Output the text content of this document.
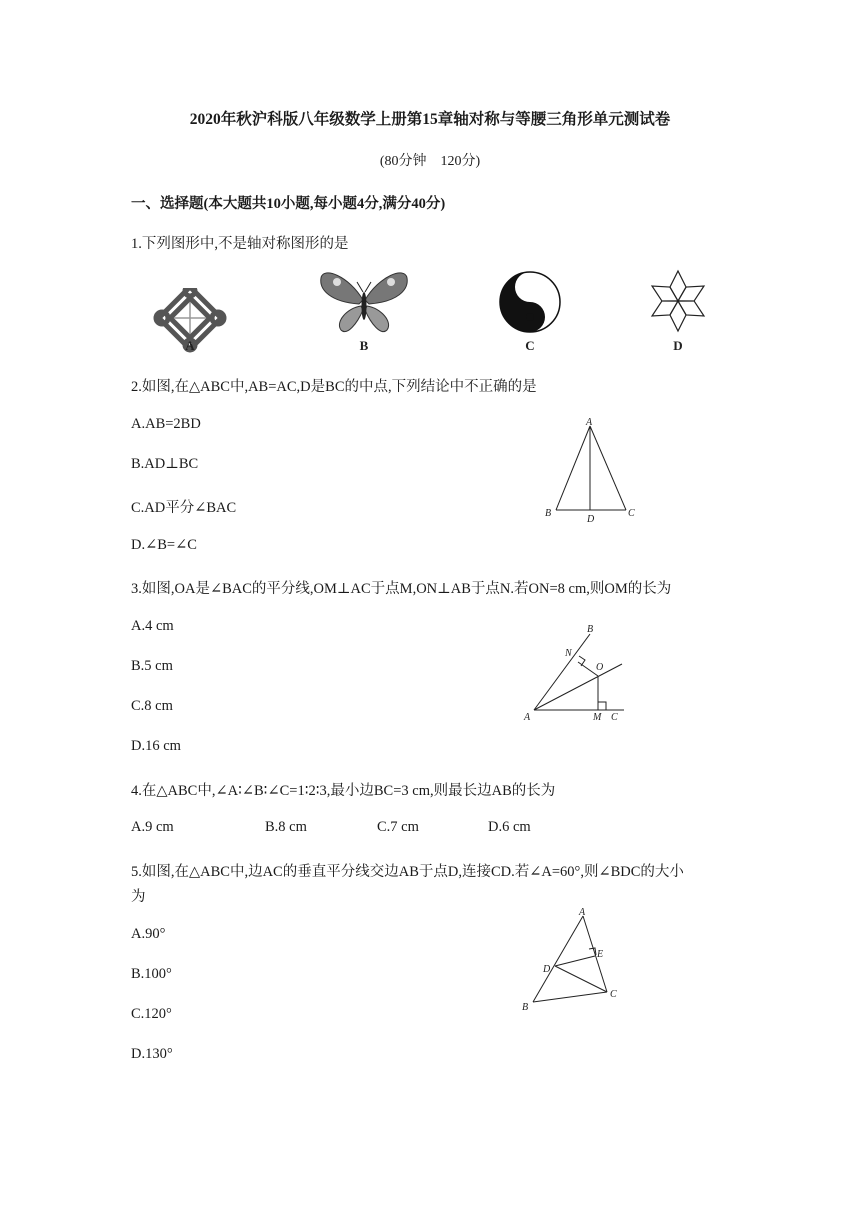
2020年秋沪科版八年级数学上册第15章轴对称与等腰三角形单元测试卷
(80分钟　120分)
一、选择题(本大题共10小题,每小题4分,满分40分)
1.下列图形中,不是轴对称图形的是
A	B	C	D
2.如图,在△ABC中,AB=AC,D是BC的中点,下列结论中不正确的是
A.AB=2BD
B.AD⊥BC
C.AD平分∠BAC
D.∠B=∠C
A
B
D
C
3.如图,OA是∠BAC的平分线,OM⊥AC于点M,ON⊥AB于点N.若ON=8 cm,则OM的长为
A.4 cm
B.5 cm
C.8 cm
D.16 cm
B
N
O
A	M C
4.在△ABC中,∠A∶∠B∶∠C=1∶2∶3,最小边BC=3 cm,则最长边AB的长为
A.9 cm	B.8 cm	C.7 cm	D.6 cm
5.如图,在△ABC中,边AC的垂直平分线交边AB于点D,连接CD.若∠A=60°,则∠BDC的大小
为
A.90°
B.100°
C.120°
D.130°
A
E
D
C
B
